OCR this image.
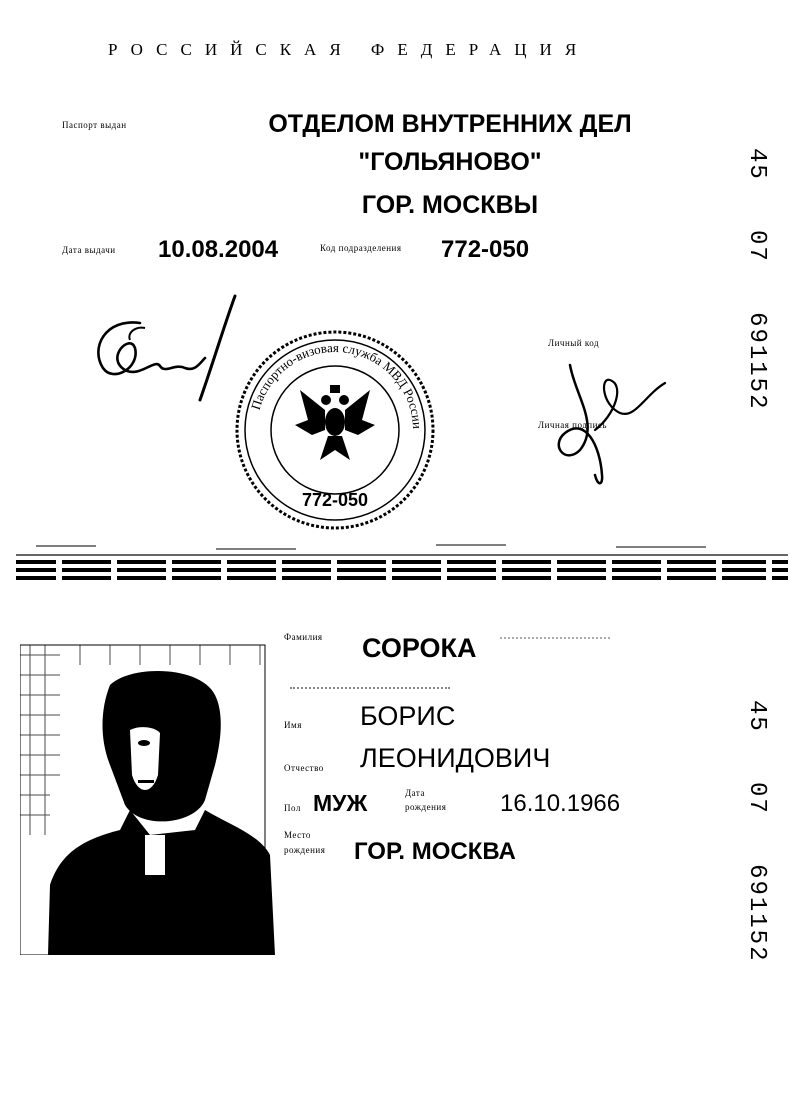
РОССИЙСКАЯ ФЕДЕРАЦИЯ
Паспорт выдан	ОТДЕЛОМ ВНУТРЕННИХ ДЕЛ
"ГОЛЬЯНОВО"
ГОР. МОСКВЫ
Дата выдачи 10.08.2004	Код подразделения 772-050
Личный код
Личная подпись
Паспортно-визовая служба МВД России
772-050
45   07   691152
Фамилия СОРОКА
Имя БОРИС
Отчество ЛЕОНИДОВИЧ
Пол МУЖ	Дата
рождения 16.10.1966
Место
рождения ГОР. МОСКВА
45   07   691152
